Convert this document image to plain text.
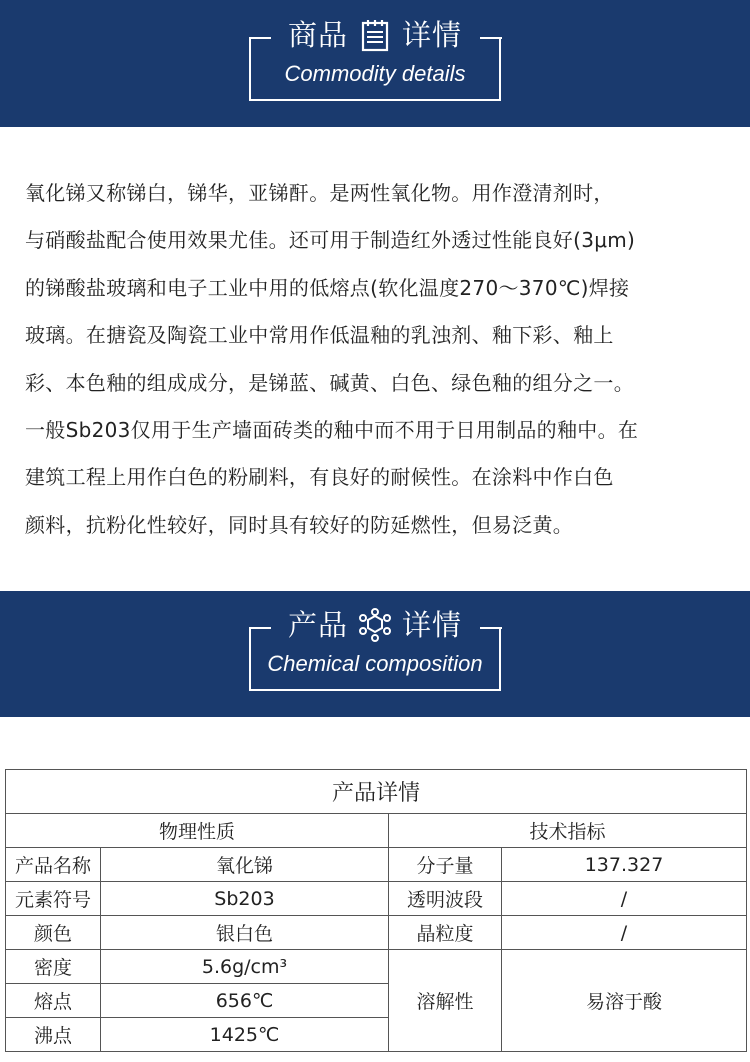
商品 详情
Commodity details
氧化锑又称锑白，锑华，亚锑酐。是两性氧化物。用作澄清剂时，
与硝酸盐配合使用效果尤佳。还可用于制造红外透过性能良好(3μm)
的锑酸盐玻璃和电子工业中用的低熔点(软化温度270～370℃)焊接
玻璃。在搪瓷及陶瓷工业中常用作低温釉的乳浊剂、釉下彩、釉上
彩、本色釉的组成成分，是锑蓝、碱黄、白色、绿色釉的组分之一。
一般Sb203仅用于生产墙面砖类的釉中而不用于日用制品的釉中。在
建筑工程上用作白色的粉刷料，有良好的耐候性。在涂料中作白色
颜料，抗粉化性较好，同时具有较好的防延燃性，但易泛黄。
产品 详情
Chemical composition
产品详情			
物理性质		技术指标	
产品名称	氧化锑	分子量	137.327
元素符号	Sb203	透明波段	/
颜色	银白色	晶粒度	/
密度	5.6g/cm³	溶解性	易溶于酸
熔点	656℃		
沸点	1425℃		
